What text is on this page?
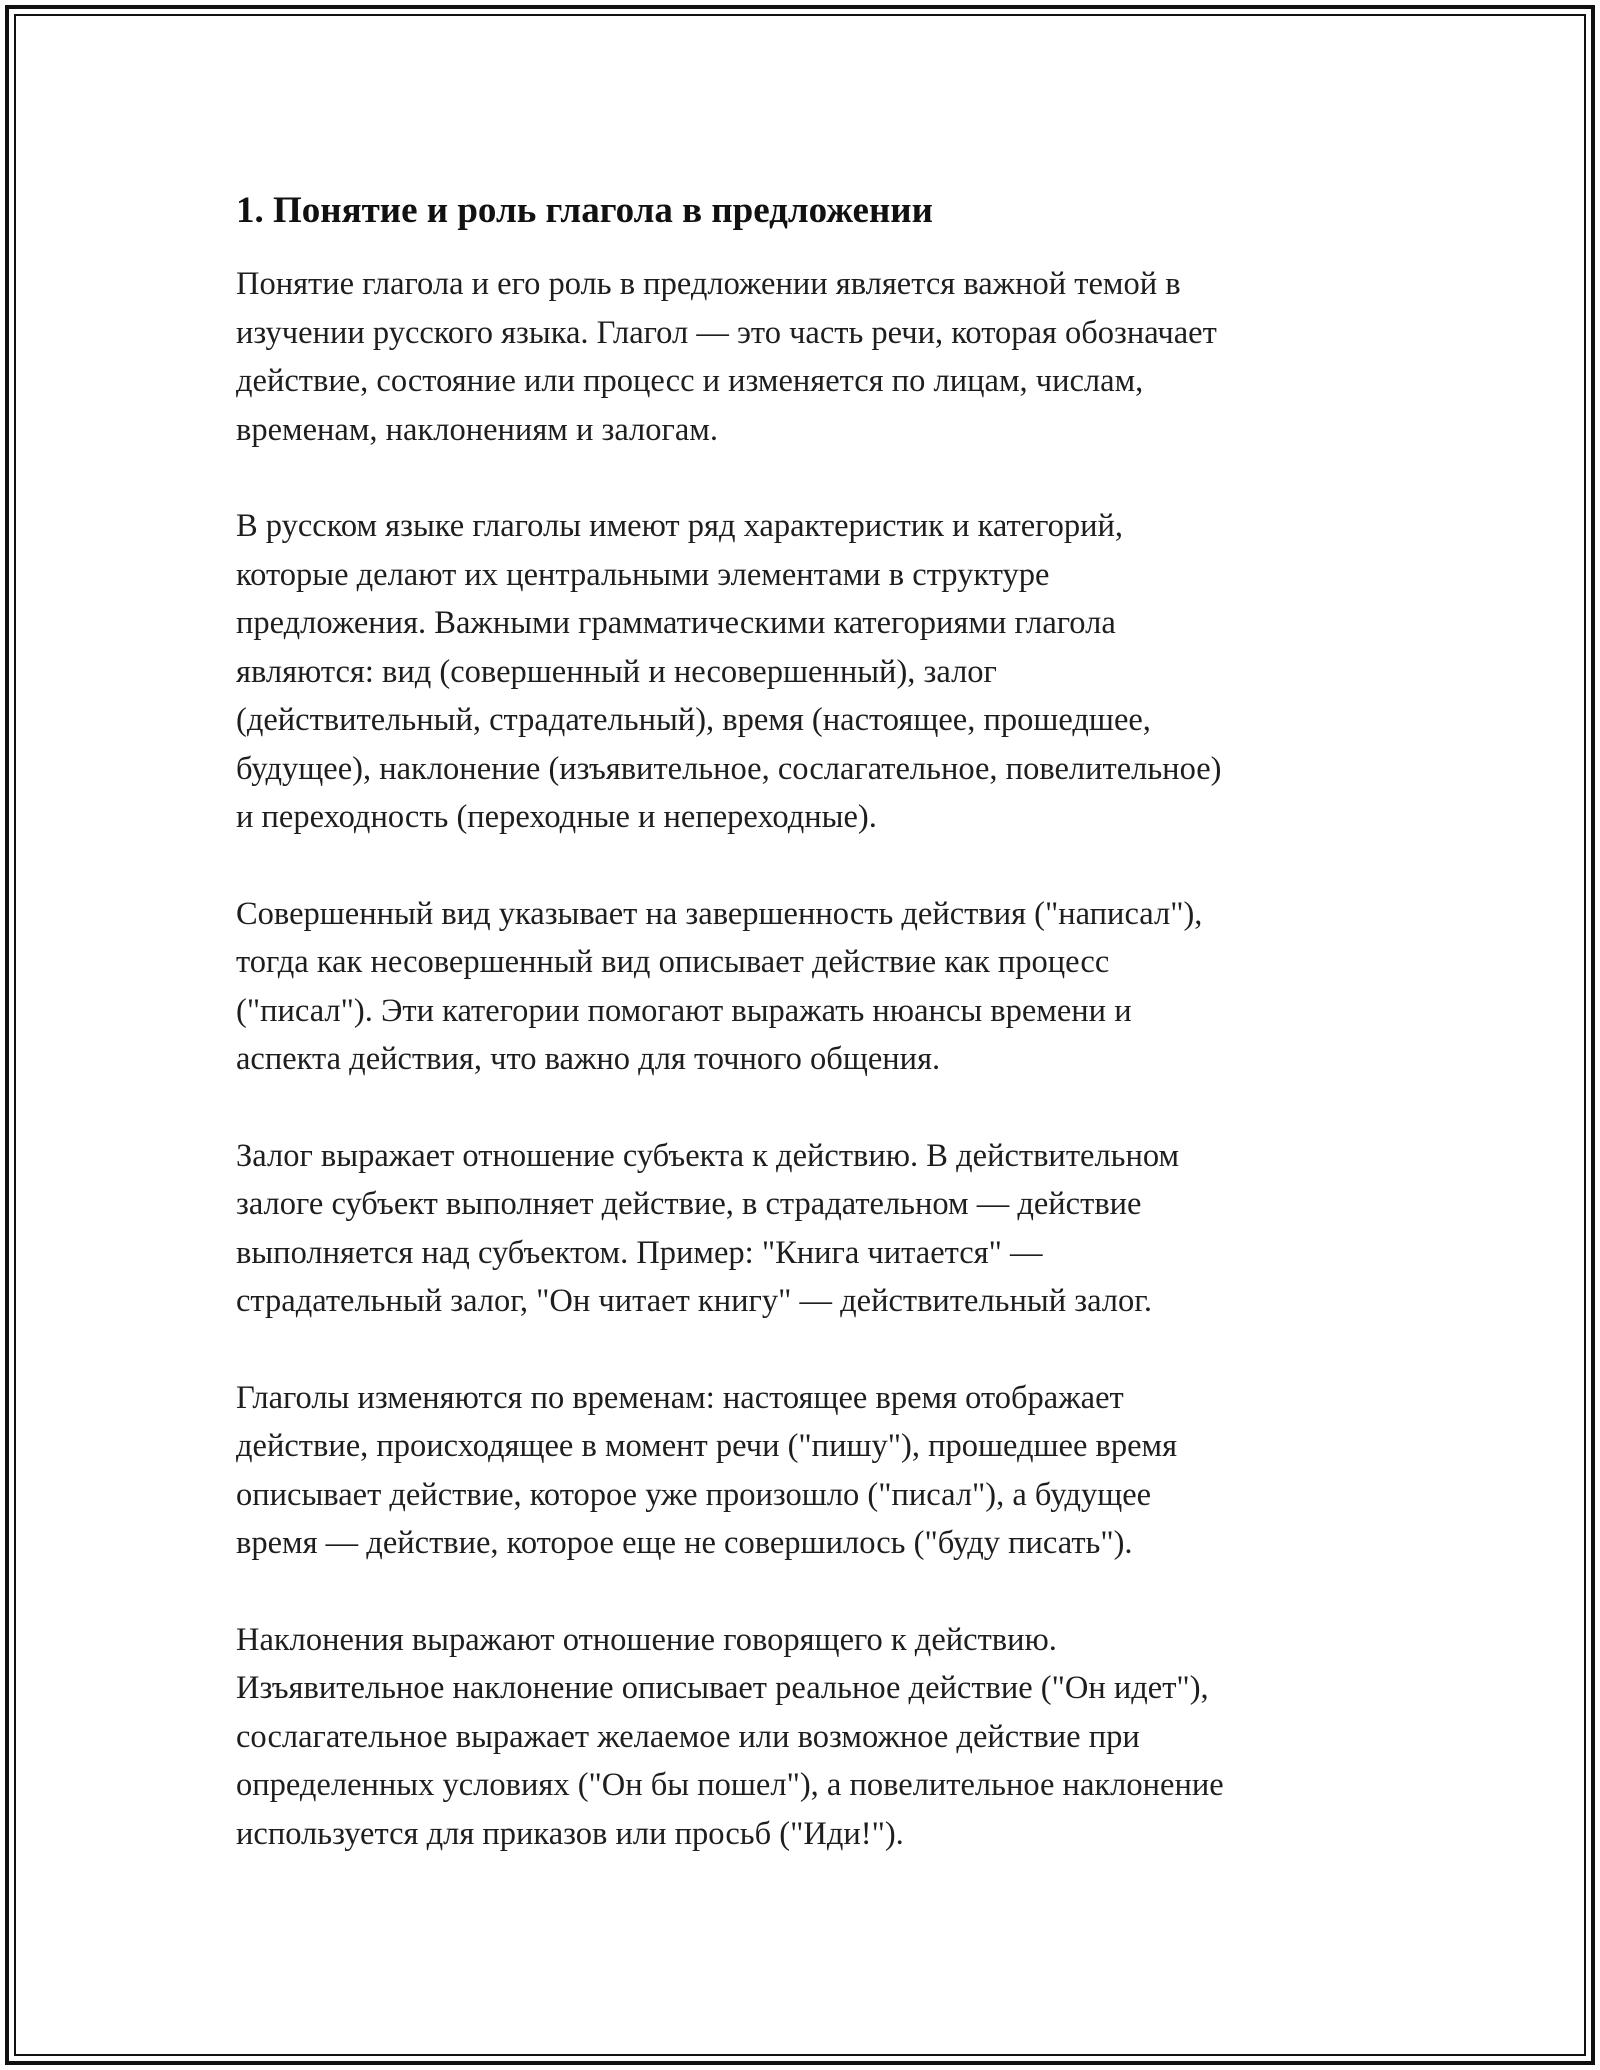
1. Понятие и роль глагола в предложении

Понятие глагола и его роль в предложении является важной темой в
изучении русского языка. Глагол — это часть речи, которая обозначает
действие, состояние или процесс и изменяется по лицам, числам,
временам, наклонениям и залогам.

В русском языке глаголы имеют ряд характеристик и категорий,
которые делают их центральными элементами в структуре
предложения. Важными грамматическими категориями глагола
являются: вид (совершенный и несовершенный), залог
(действительный, страдательный), время (настоящее, прошедшее,
будущее), наклонение (изъявительное, сослагательное, повелительное)
и переходность (переходные и непереходные).

Совершенный вид указывает на завершенность действия ("написал"),
тогда как несовершенный вид описывает действие как процесс
("писал"). Эти категории помогают выражать нюансы времени и
аспекта действия, что важно для точного общения.

Залог выражает отношение субъекта к действию. В действительном
залоге субъект выполняет действие, в страдательном — действие
выполняется над субъектом. Пример: "Книга читается" —
страдательный залог, "Он читает книгу" — действительный залог.

Глаголы изменяются по временам: настоящее время отображает
действие, происходящее в момент речи ("пишу"), прошедшее время
описывает действие, которое уже произошло ("писал"), а будущее
время — действие, которое еще не совершилось ("буду писать").

Наклонения выражают отношение говорящего к действию.
Изъявительное наклонение описывает реальное действие ("Он идет"),
сослагательное выражает желаемое или возможное действие при
определенных условиях ("Он бы пошел"), а повелительное наклонение
используется для приказов или просьб ("Иди!").
